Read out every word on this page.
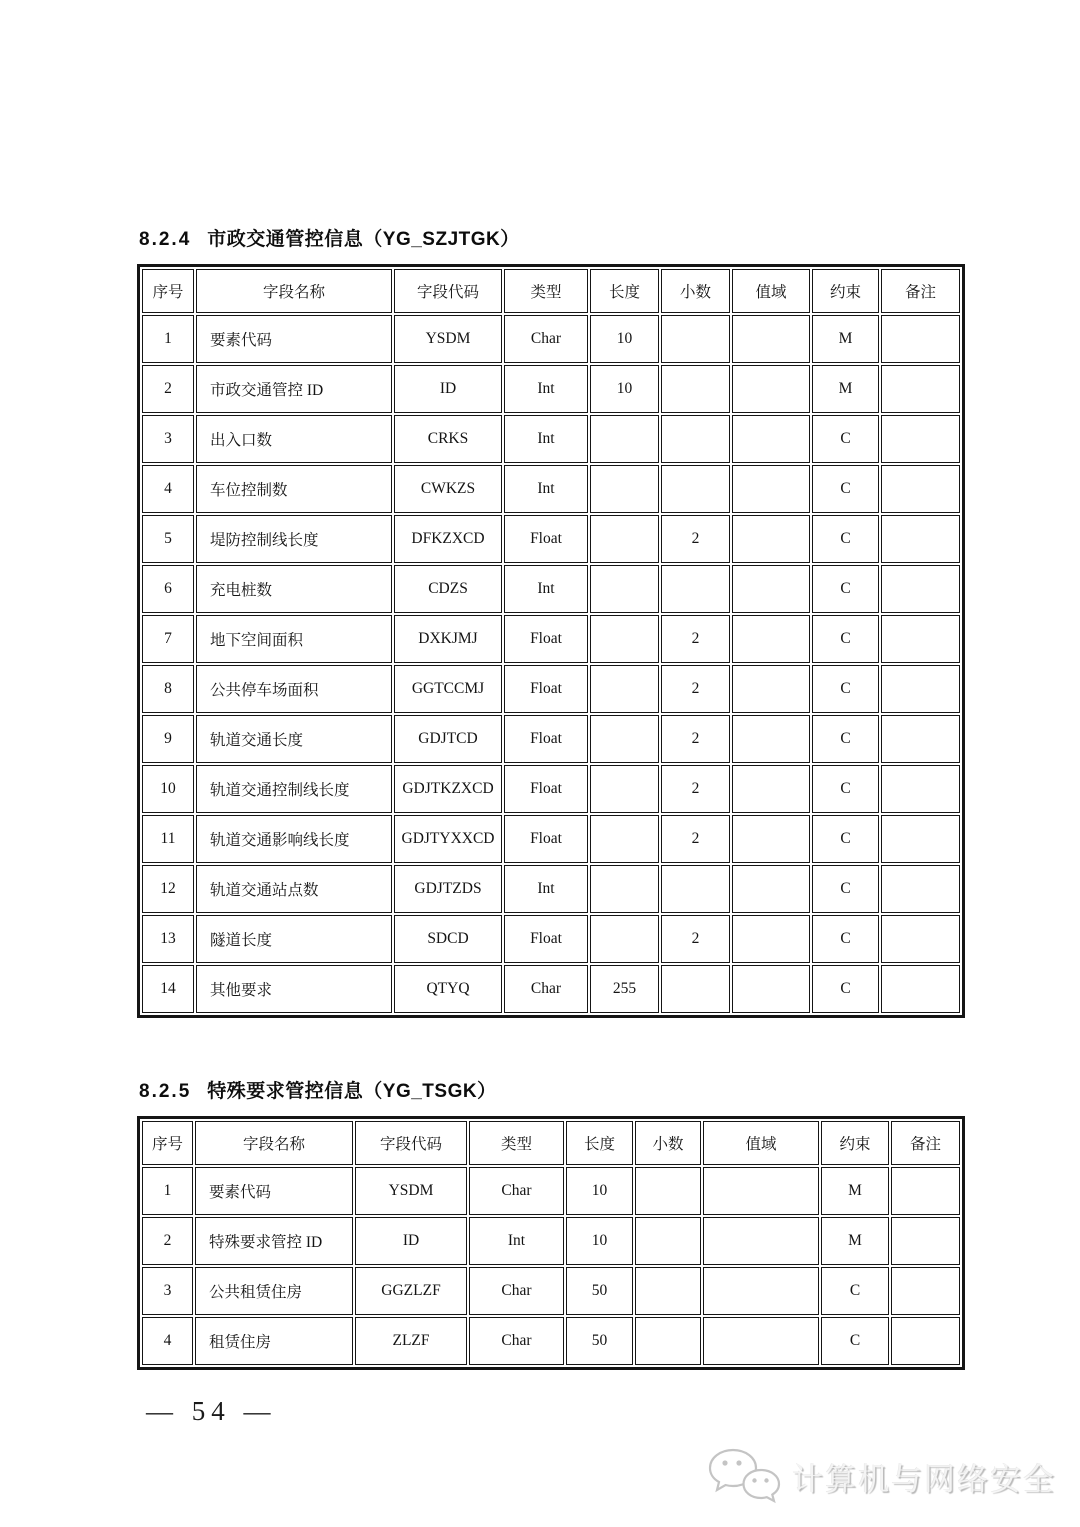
8.2.4 市政交通管控信息（YG_SZJTGK）
序号	字段名称	字段代码	类型	长度	小数	值域	约束	备注
1	要素代码	YSDM	Char	10			M	
2	市政交通管控 ID	ID	Int	10			M	
3	出入口数	CRKS	Int				C	
4	车位控制数	CWKZS	Int				C	
5	堤防控制线长度	DFKZXCD	Float		2		C	
6	充电桩数	CDZS	Int				C	
7	地下空间面积	DXKJMJ	Float		2		C	
8	公共停车场面积	GGTCCMJ	Float		2		C	
9	轨道交通长度	GDJTCD	Float		2		C	
10	轨道交通控制线长度	GDJTKZXCD	Float		2		C	
11	轨道交通影响线长度	GDJTYXXCD	Float		2		C	
12	轨道交通站点数	GDJTZDS	Int				C	
13	隧道长度	SDCD	Float		2		C	
14	其他要求	QTYQ	Char	255			C	
8.2.5 特殊要求管控信息（YG_TSGK）
序号	字段名称	字段代码	类型	长度	小数	值域	约束	备注
1	要素代码	YSDM	Char	10			M	
2	特殊要求管控 ID	ID	Int	10			M	
3	公共租赁住房	GGZLZF	Char	50			C	
4	租赁住房	ZLZF	Char	50			C	
— 54 —
计算机与网络安全
